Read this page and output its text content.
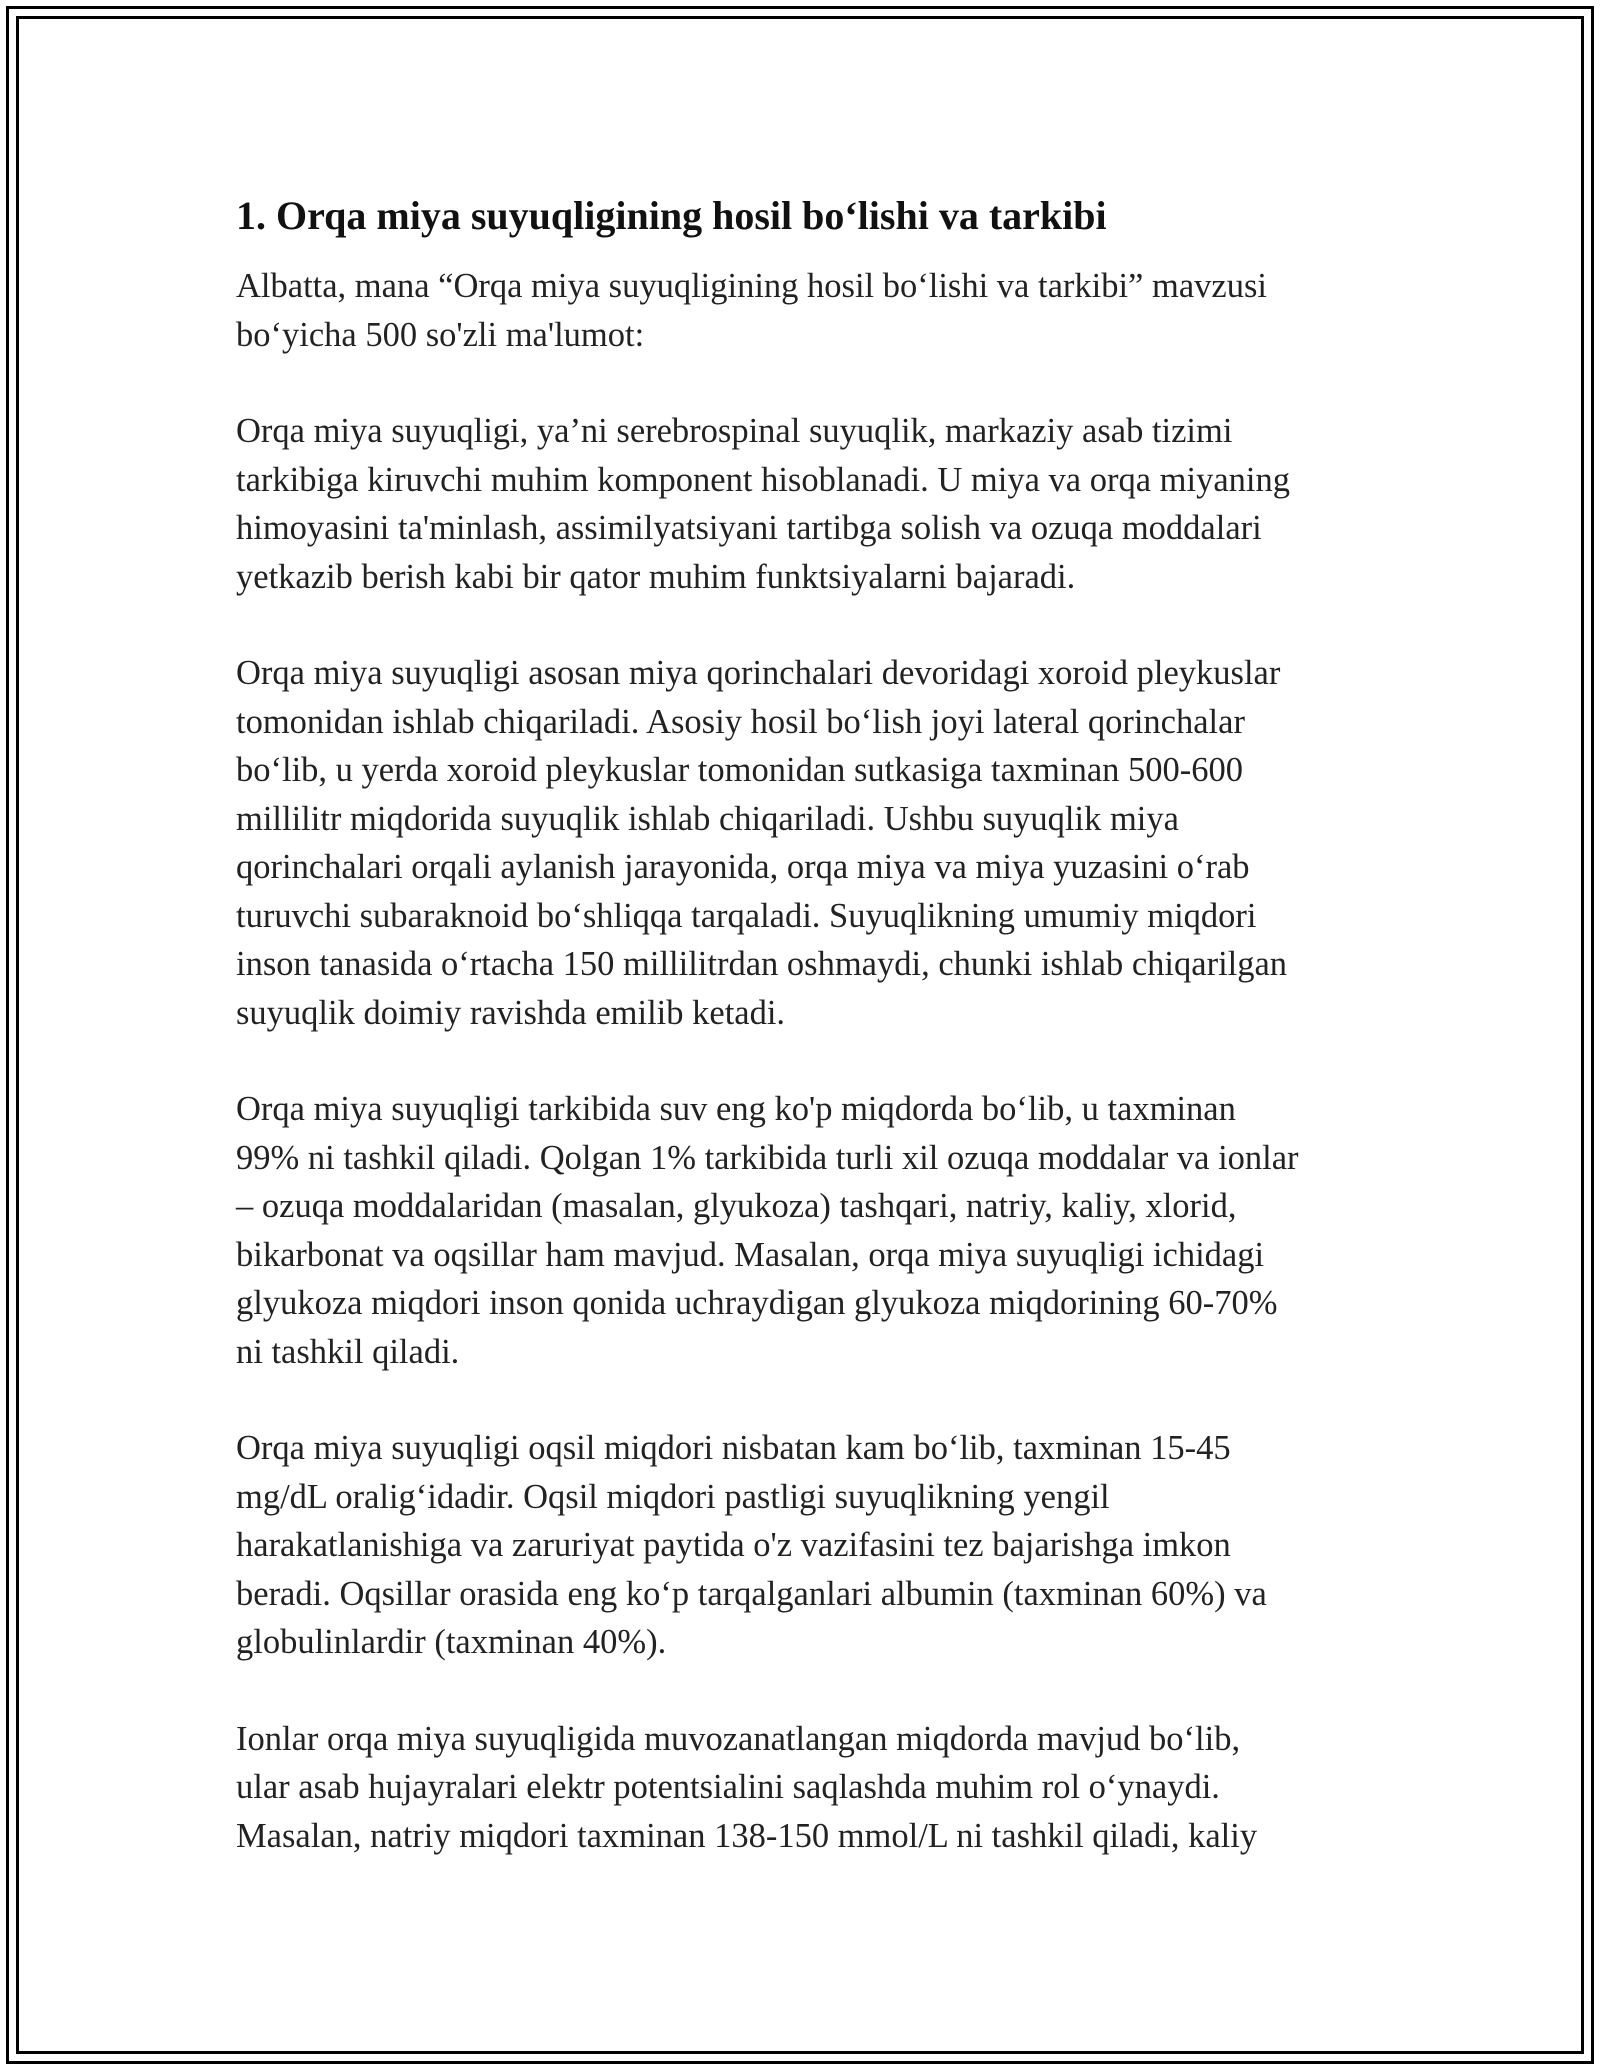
1. Orqa miya suyuqligining hosil bo‘lishi va tarkibi

Albatta, mana “Orqa miya suyuqligining hosil bo‘lishi va tarkibi” mavzusi
bo‘yicha 500 so'zli ma'lumot:

Orqa miya suyuqligi, ya’ni serebrospinal suyuqlik, markaziy asab tizimi
tarkibiga kiruvchi muhim komponent hisoblanadi. U miya va orqa miyaning
himoyasini ta'minlash, assimilyatsiyani tartibga solish va ozuqa moddalari
yetkazib berish kabi bir qator muhim funktsiyalarni bajaradi.

Orqa miya suyuqligi asosan miya qorinchalari devoridagi xoroid pleykuslar
tomonidan ishlab chiqariladi. Asosiy hosil bo‘lish joyi lateral qorinchalar
bo‘lib, u yerda xoroid pleykuslar tomonidan sutkasiga taxminan 500-600
millilitr miqdorida suyuqlik ishlab chiqariladi. Ushbu suyuqlik miya
qorinchalari orqali aylanish jarayonida, orqa miya va miya yuzasini o‘rab
turuvchi subaraknoid bo‘shliqqa tarqaladi. Suyuqlikning umumiy miqdori
inson tanasida o‘rtacha 150 millilitrdan oshmaydi, chunki ishlab chiqarilgan
suyuqlik doimiy ravishda emilib ketadi.

Orqa miya suyuqligi tarkibida suv eng ko'p miqdorda bo‘lib, u taxminan
99% ni tashkil qiladi. Qolgan 1% tarkibida turli xil ozuqa moddalar va ionlar
– ozuqa moddalaridan (masalan, glyukoza) tashqari, natriy, kaliy, xlorid,
bikarbonat va oqsillar ham mavjud. Masalan, orqa miya suyuqligi ichidagi
glyukoza miqdori inson qonida uchraydigan glyukoza miqdorining 60-70%
ni tashkil qiladi.

Orqa miya suyuqligi oqsil miqdori nisbatan kam bo‘lib, taxminan 15-45
mg/dL oralig‘idadir. Oqsil miqdori pastligi suyuqlikning yengil
harakatlanishiga va zaruriyat paytida o'z vazifasini tez bajarishga imkon
beradi. Oqsillar orasida eng ko‘p tarqalganlari albumin (taxminan 60%) va
globulinlardir (taxminan 40%).

Ionlar orqa miya suyuqligida muvozanatlangan miqdorda mavjud bo‘lib,
ular asab hujayralari elektr potentsialini saqlashda muhim rol o‘ynaydi.
Masalan, natriy miqdori taxminan 138-150 mmol/L ni tashkil qiladi, kaliy
